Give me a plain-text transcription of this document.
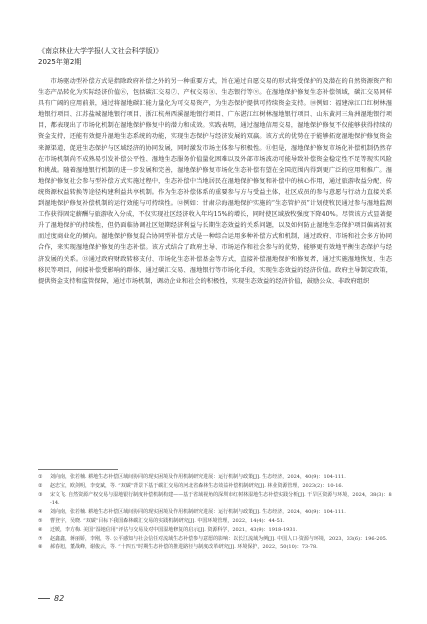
《南京林业大学学报(人文社会科学版)》
2025年第2期

市场驱动型补偿方式是指除政府补偿之外的另一种重要方式，旨在通过自愿交易的形式将受保护的及潜在的自然资源资产和生态产品转化为实际经济价值⑥，包括碳汇交易⑦、产权交易⑧、生态银行等⑨。在湿地保护修复生态补偿领域，碳汇交易同样具有广阔的应用前景，通过将湿地碳汇能力量化为可交易资产，为生态保护提供可持续资金支持。⑩例如：福建漳江口红树林湿地银行项目、江苏盐城湿地银行项目、浙江杭州西溪湿地银行项目、广东湛江红树林湿地银行项目、山东黄河三角洲湿地银行项目，都表现出了市场化机制在湿地保护修复中的潜力和成效。实践表明，通过湿地信用交易，湿地保护修复不仅能够获得持续的资金支持，还能有效提升湿地生态系统的功能，实现生态保护与经济发展的双赢。该方式的优势在于能够拓宽湿地保护修复资金来源渠道，促进生态保护与区域经济的协同发展，同时激发市场主体参与积极性。⑪但是，湿地保护修复市场化补偿机制仍然存在市场机制尚不成熟易引发补偿公平性、湿地生态服务价值量化困难以及外部市场波动可能导致补偿资金稳定性不足等现实风险和挑战。随着湿地银行机制的进一步发展和完善，湿地保护修复市场化生态补偿有望在全国范围内得到更广泛的应用和推广。湿地保护修复社会参与型补偿方式实施过程中，生态补偿中当地居民在湿地保护修复和补偿中的核心作用，通过旅游收益分配、传统资源权益转换等途径构建利益共享机制。作为生态补偿体系的重要参与方与受益主体，社区成员的参与意愿与行动力直接关系到湿地保护修复补偿机制的运行效能与可持续性。⑫例如：甘肃尕海湿地保护实施的“生态管护员”计划使牧民通过参与湿地监测工作获得固定薪酬与旅游收入分成，不仅实现社区经济收入年均15%的增长，同时使区域放牧强度下降40%。尽管该方式显著提升了湿地保护的持续性，但仍面临协调社区短期经济利益与长期生态效益的关系问题，以及如何防止湿地生态保护项目偏离初衷而过度商业化的倾向。湿地保护修复混合协同型补偿方式是一种综合运用多种补偿方式和机制，通过政府、市场和社会多方协同合作，来实现湿地保护修复的生态补偿。该方式结合了政府主导、市场运作和社会参与的优势，能够更有效地平衡生态保护与经济发展的关系。⑬通过政府财政转移支付、市场化生态补偿基金等方式，直接补偿湿地保护和修复者，通过实施湿地恢复、生态移民等项目，间接补偿受影响的群体，通过碳汇交易、湿地银行等市场化手段，实现生态效益的经济价值。政府主导制定政策，提供资金支持和监管保障，通过市场机制，调动企业和社会的积极性，实现生态效益的经济价值，鼓励公众、非政府组织

①	刘向南，张若楠. 耕地生态补偿区域间协同的现实困境及作用机制研究进展：运行机制与政策[J]. 生态经济，2024，40(9)：104-111.
②	赵忠宝，欧剑明，李变斌，等. “双碳”背景下基于碳汇交易的河北省森林生态效益补偿机制研究[J]. 林业资源管理，2023(2)：10-16.
③	宋文飞. 自然资源产权交易与湿地银行制度补偿机制构建——基于省域视角的深圳市红树林湿地生态补偿实践分析[J]. 干旱区资源与环境，2024，38(3)：8-14.
④	刘向南，张若楠. 耕地生态补偿区域间协同的现实困境及作用机制研究进展：运行机制与政策[J]. 生态经济，2024，40(9)：104-111.
⑤	曹登宇，吴晓. “双碳”目标下我国森林碳汇交易的实践机制研究[J]. 中国环境管理，2022，14(4)：44-51.
⑥	迁媛，李方梅. 美国“湿地信用”评估与交易及对中国湿地修复的启示[J]. 资源科学，2021，43(9)：1918-1931.
⑦	赵鑫鑫，蒋丽娇，李刚，等. 公平感知与社会信任对流域生态补偿参与意愿的影响：以长江流域为例[J]. 中国人口·资源与环境，2023，33(6)：196-205.
⑧	郝春旭，董战峰，谢俊云，等. “十四五”时期生态补偿的推进路径与制度改革研究[J]. 环境保护，2022，50(10)：73-78.
82
